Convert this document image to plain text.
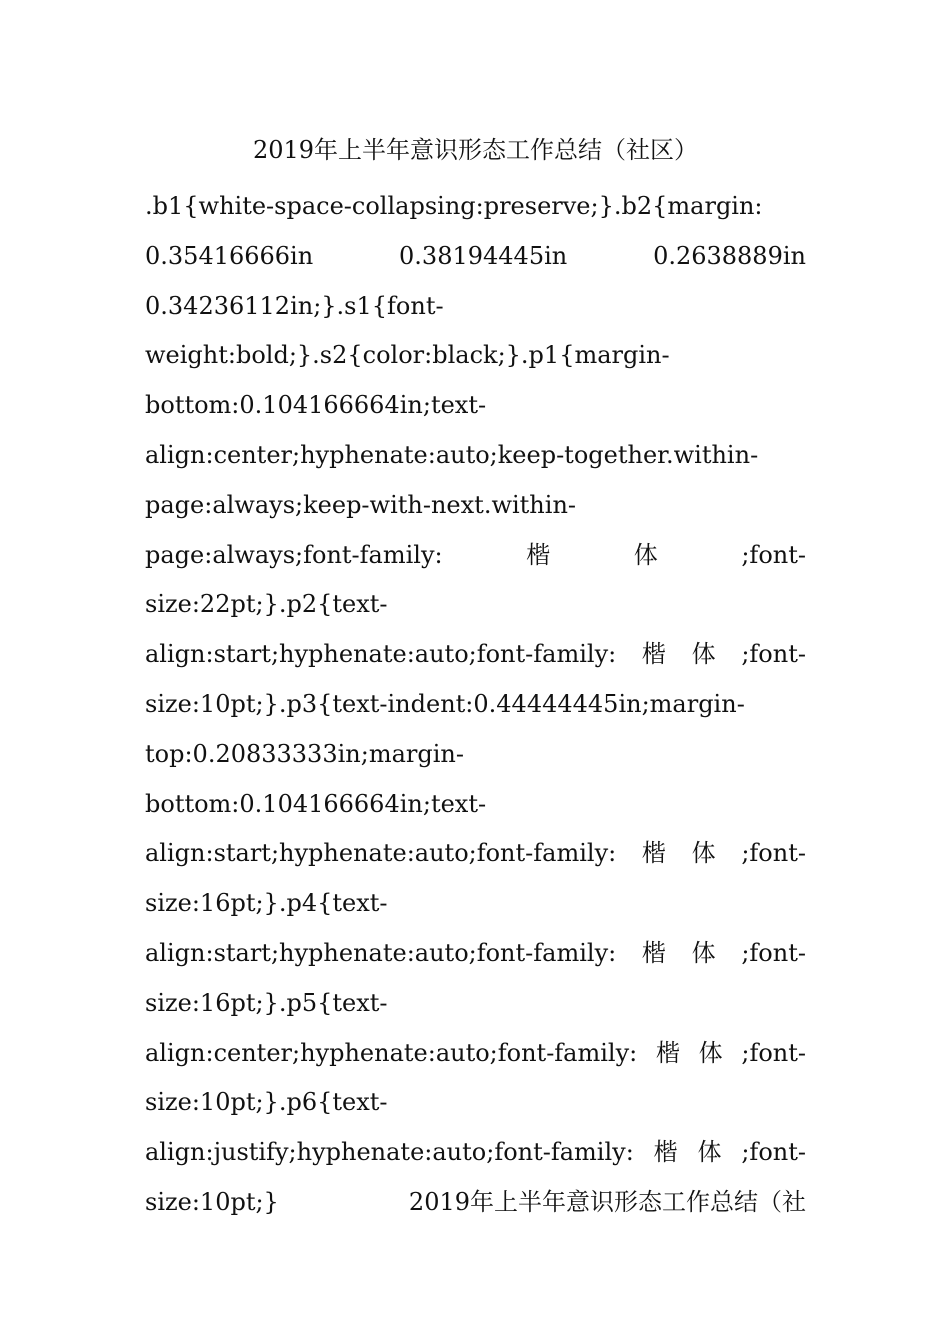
2019年上半年意识形态工作总结（社区）
.b1{white-space-collapsing:preserve;}.b2{margin:
0.35416666in	0.38194445in	0.2638889in
0.34236112in;}.s1{font-
weight:bold;}.s2{color:black;}.p1{margin-
bottom:0.104166664in;text-
align:center;hyphenate:auto;keep-together.within-
page:always;keep-with-next.within-
page:always;font-family:	楷	体	;font-
size:22pt;}.p2{text-
align:start;hyphenate:auto;font-family: 楷 体 ;font-
size:10pt;}.p3{text-indent:0.44444445in;margin-
top:0.20833333in;margin-
bottom:0.104166664in;text-
align:start;hyphenate:auto;font-family: 楷 体 ;font-
size:16pt;}.p4{text-
align:start;hyphenate:auto;font-family: 楷 体 ;font-
size:16pt;}.p5{text-
align:center;hyphenate:auto;font-family: 楷 体 ;font-
size:10pt;}.p6{text-
align:justify;hyphenate:auto;font-family: 楷 体 ;font-
size:10pt;}	2019年上半年意识形态工作总结（社
